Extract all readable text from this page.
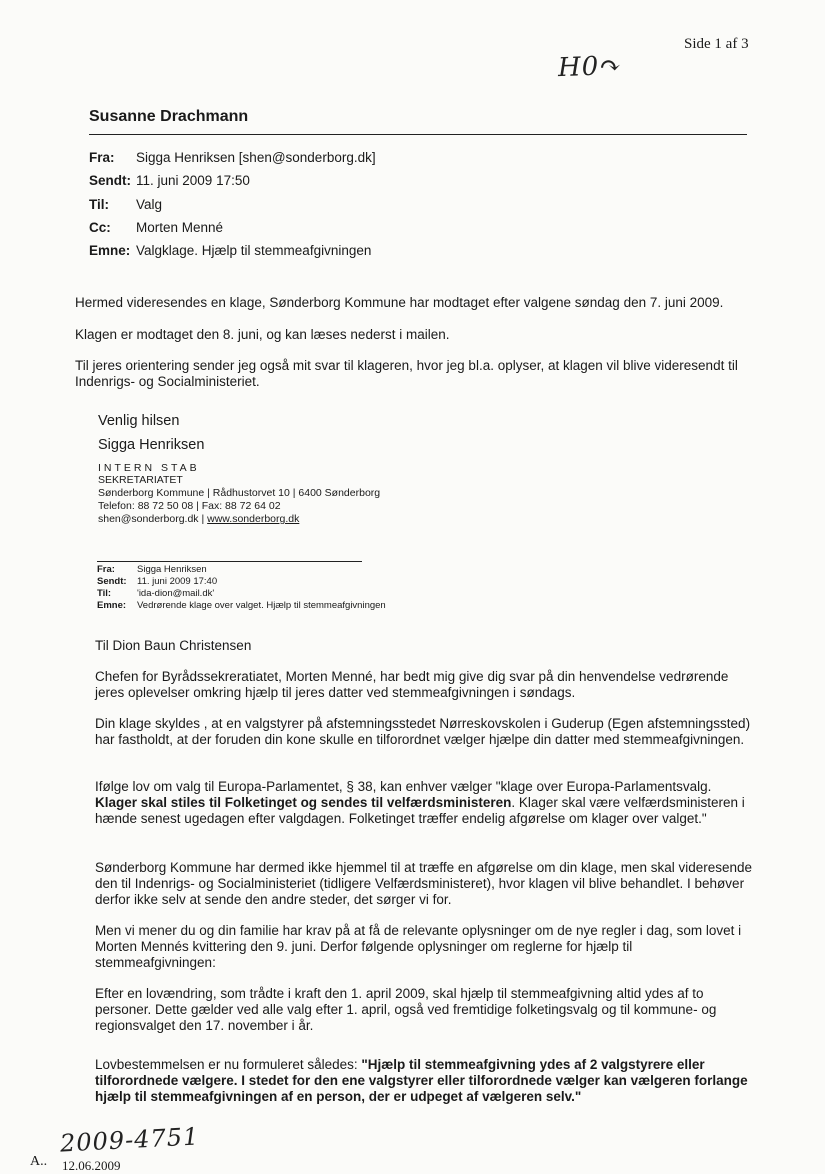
Side 1 af 3
H0↷
Susanne Drachmann
Fra:	Sigga Henriksen [shen@sonderborg.dk]
Sendt: 11. juni 2009 17:50
Til:	Valg
Cc:	Morten Menné
Emne: Valgklage. Hjælp til stemmeafgivningen
Hermed videresendes en klage, Sønderborg Kommune har modtaget efter valgene søndag den 7. juni 2009.
Klagen er modtaget den 8. juni, og kan læses nederst i mailen.
Til jeres orientering sender jeg også mit svar til klageren, hvor jeg bl.a. oplyser, at klagen vil blive videresendt til Indenrigs- og Socialministeriet.
Venlig hilsen
Sigga Henriksen
INTERN STAB
SEKRETARIATET
Sønderborg Kommune | Rådhustorvet 10 | 6400 Sønderborg
Telefon: 88 72 50 08 | Fax: 88 72 64 02
shen@sonderborg.dk | www.sonderborg.dk
Fra: Sigga Henriksen
Sendt: 11. juni 2009 17:40
Til:	'ida-dion@mail.dk'
Emne: Vedrørende klage over valget. Hjælp til stemmeafgivningen
Til Dion Baun Christensen
Chefen for Byrådssekreratiatet, Morten Menné, har bedt mig give dig svar på din henvendelse vedrørende jeres oplevelser omkring hjælp til jeres datter ved stemmeafgivningen i søndags.
Din klage skyldes , at en valgstyrer på afstemningsstedet Nørreskovskolen i Guderup (Egen afstemningssted) har fastholdt, at der foruden din kone skulle en tilforordnet vælger hjælpe din datter med stemmeafgivningen.
Ifølge lov om valg til Europa-Parlamentet, § 38, kan enhver vælger "klage over Europa-Parlamentsvalg. Klager skal stiles til Folketinget og sendes til velfærdsministeren. Klager skal være velfærdsministeren i hænde senest ugedagen efter valgdagen. Folketinget træffer endelig afgørelse om klager over valget."
Sønderborg Kommune har dermed ikke hjemmel til at træffe en afgørelse om din klage, men skal videresende den til Indenrigs- og Socialministeriet (tidligere Velfærdsministeret), hvor klagen vil blive behandlet. I behøver derfor ikke selv at sende den andre steder, det sørger vi for.
Men vi mener du og din familie har krav på at få de relevante oplysninger om de nye regler i dag, som lovet i Morten Mennés kvittering den 9. juni. Derfor følgende oplysninger om reglerne for hjælp til stemmeafgivningen:
Efter en lovændring, som trådte i kraft den 1. april 2009, skal hjælp til stemmeafgivning altid ydes af to personer. Dette gælder ved alle valg efter 1. april, også ved fremtidige folketingsvalg og til kommune- og regionsvalget den 17. november i år.
Lovbestemmelsen er nu formuleret således: "Hjælp til stemmeafgivning ydes af 2 valgstyrere eller tilforordnede vælgere. I stedet for den ene valgstyrer eller tilforordnede vælger kan vælgeren forlange hjælp til stemmeafgivningen af en person, der er udpeget af vælgeren selv."
2009-4751
A.. 12.06.2009
